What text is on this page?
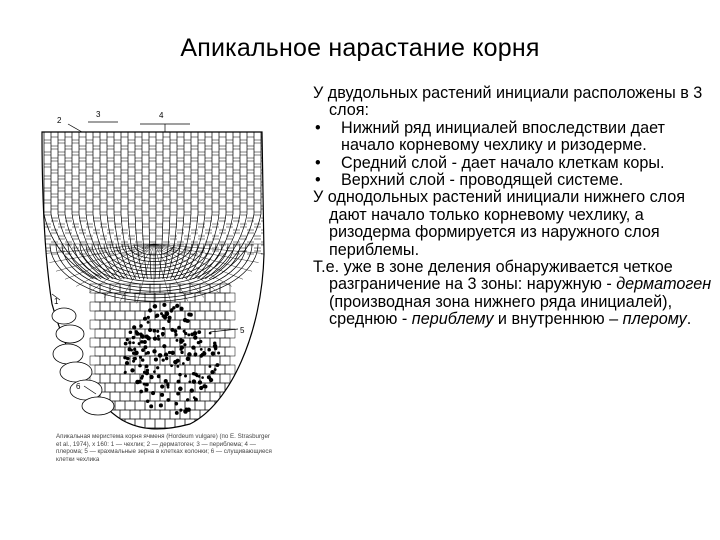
Апикальное нарастание корня
2
3	4
1
5
6
Апикальная меристема корня ячменя (Hordeum vulgare) (по E. Strasburger et al., 1974), х 160: 1 — чехлик; 2 — дерматоген; 3 — периблема; 4 — плерома; 5 — крахмальные зерна в клетках колонки; 6 — слущивающиеся клетки чехлика

У двудольных растений инициали расположены в 3 слоя:

•	Нижний ряд инициалей впоследствии дает начало корневому чехлику и ризодерме.
•	Средний слой - дает начало клеткам коры.
•	Верхний слой - проводящей системе.

У однодольных растений инициали нижнего слоя дают начало только корневому чехлику, а ризодерма формируется из наружного слоя периблемы.

Т.е. уже в зоне деления обнаруживается четкое разграничение на 3 зоны: наружную - дерматоген (производная зона нижнего ряда инициалей), среднюю - периблему и внутреннюю – плерому.
